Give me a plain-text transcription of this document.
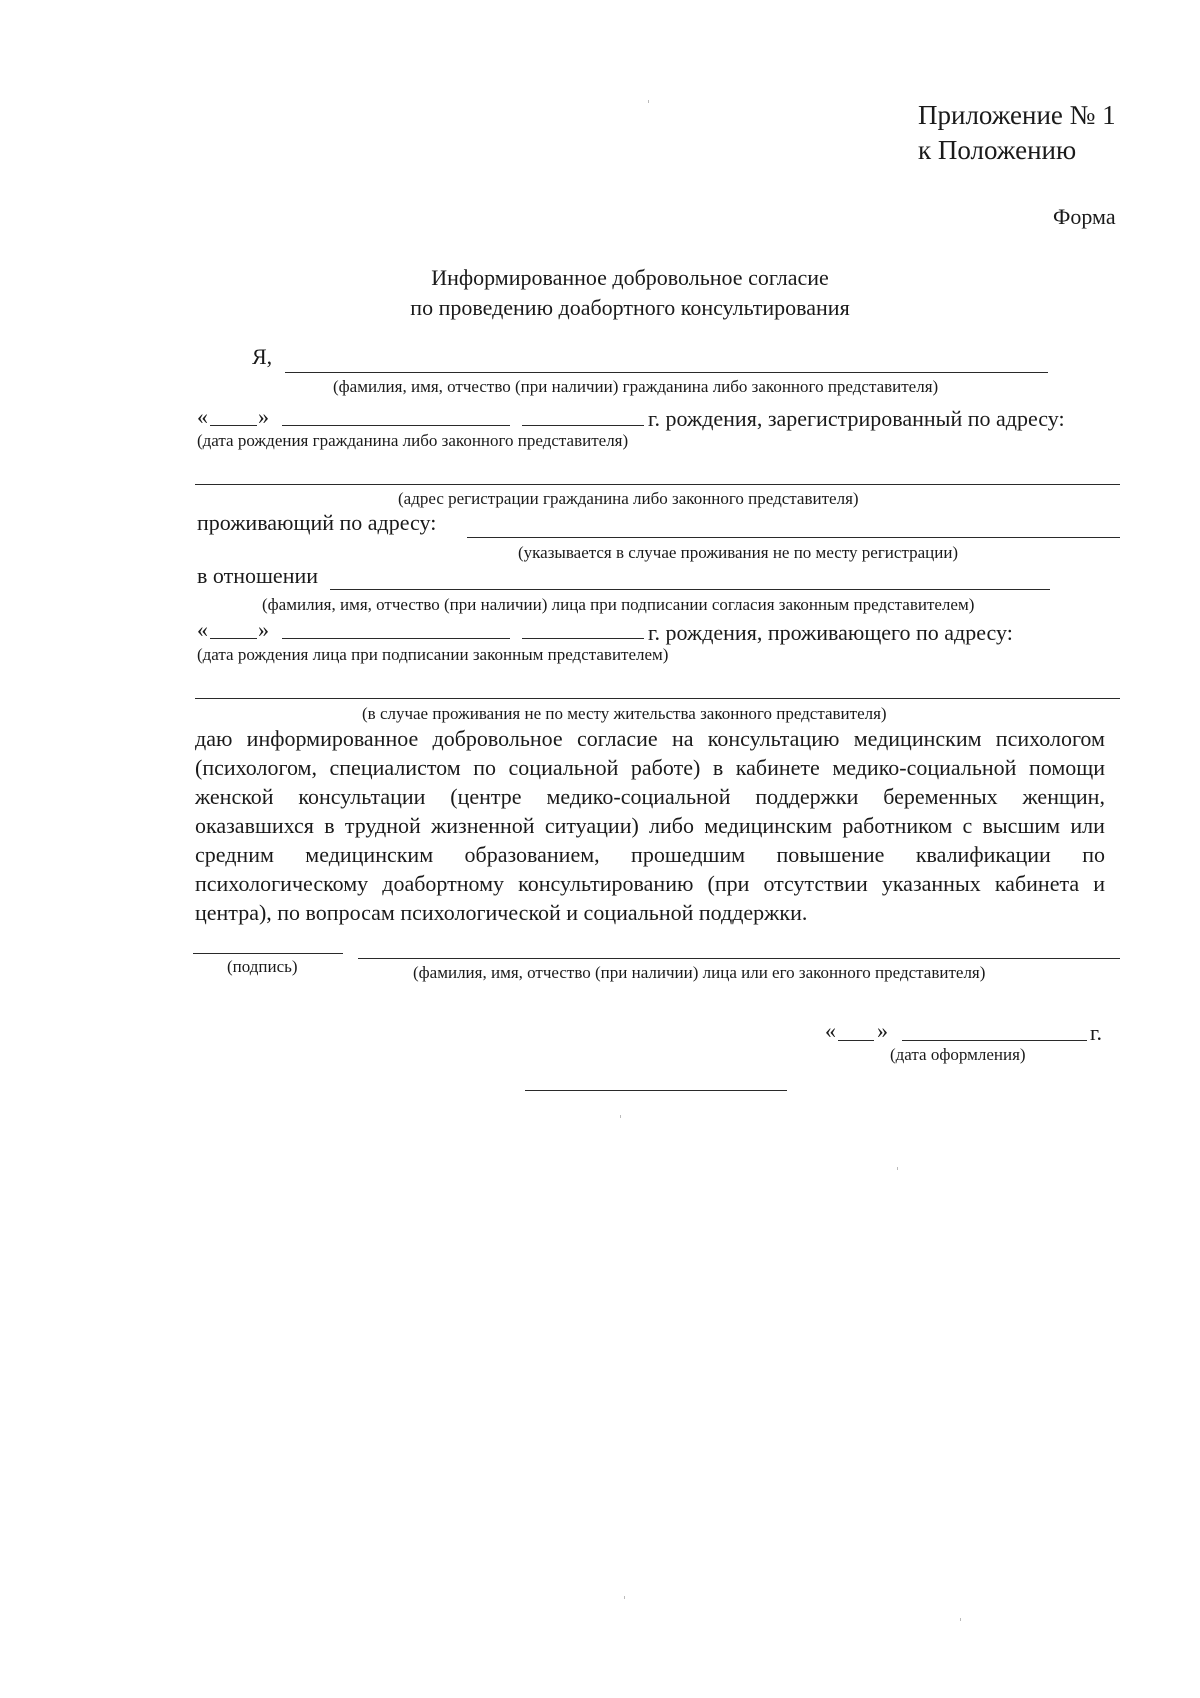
Приложение № 1
к Положению
Форма
Информированное добровольное согласие
по проведению доабортного консультирования
Я,
(фамилия, имя, отчество (при наличии) гражданина либо законного представителя)
« »	г. рождения, зарегистрированный по адресу:
(дата рождения гражданина либо законного представителя)
(адрес регистрации гражданина либо законного представителя)
проживающий по адресу:
(указывается в случае проживания не по месту регистрации)
в отношении
(фамилия, имя, отчество (при наличии) лица при подписании согласия законным представителем)
« »	г. рождения, проживающего по адресу:
(дата рождения лица при подписании законным представителем)
(в случае проживания не по месту жительства законного представителя)
даю информированное добровольное согласие на консультацию медицинским психологом
(психологом, специалистом по социальной работе) в кабинете медико-социальной помощи
женской консультации (центре медико-социальной поддержки беременных женщин,
оказавшихся в трудной жизненной ситуации) либо медицинским работником с высшим или
средним медицинским образованием, прошедшим повышение квалификации по
психологическому доабортному консультированию (при отсутствии указанных кабинета и
центра), по вопросам психологической и социальной поддержки.
(подпись)	(фамилия, имя, отчество (при наличии) лица или его законного представителя)
« »	г.
(дата оформления)
